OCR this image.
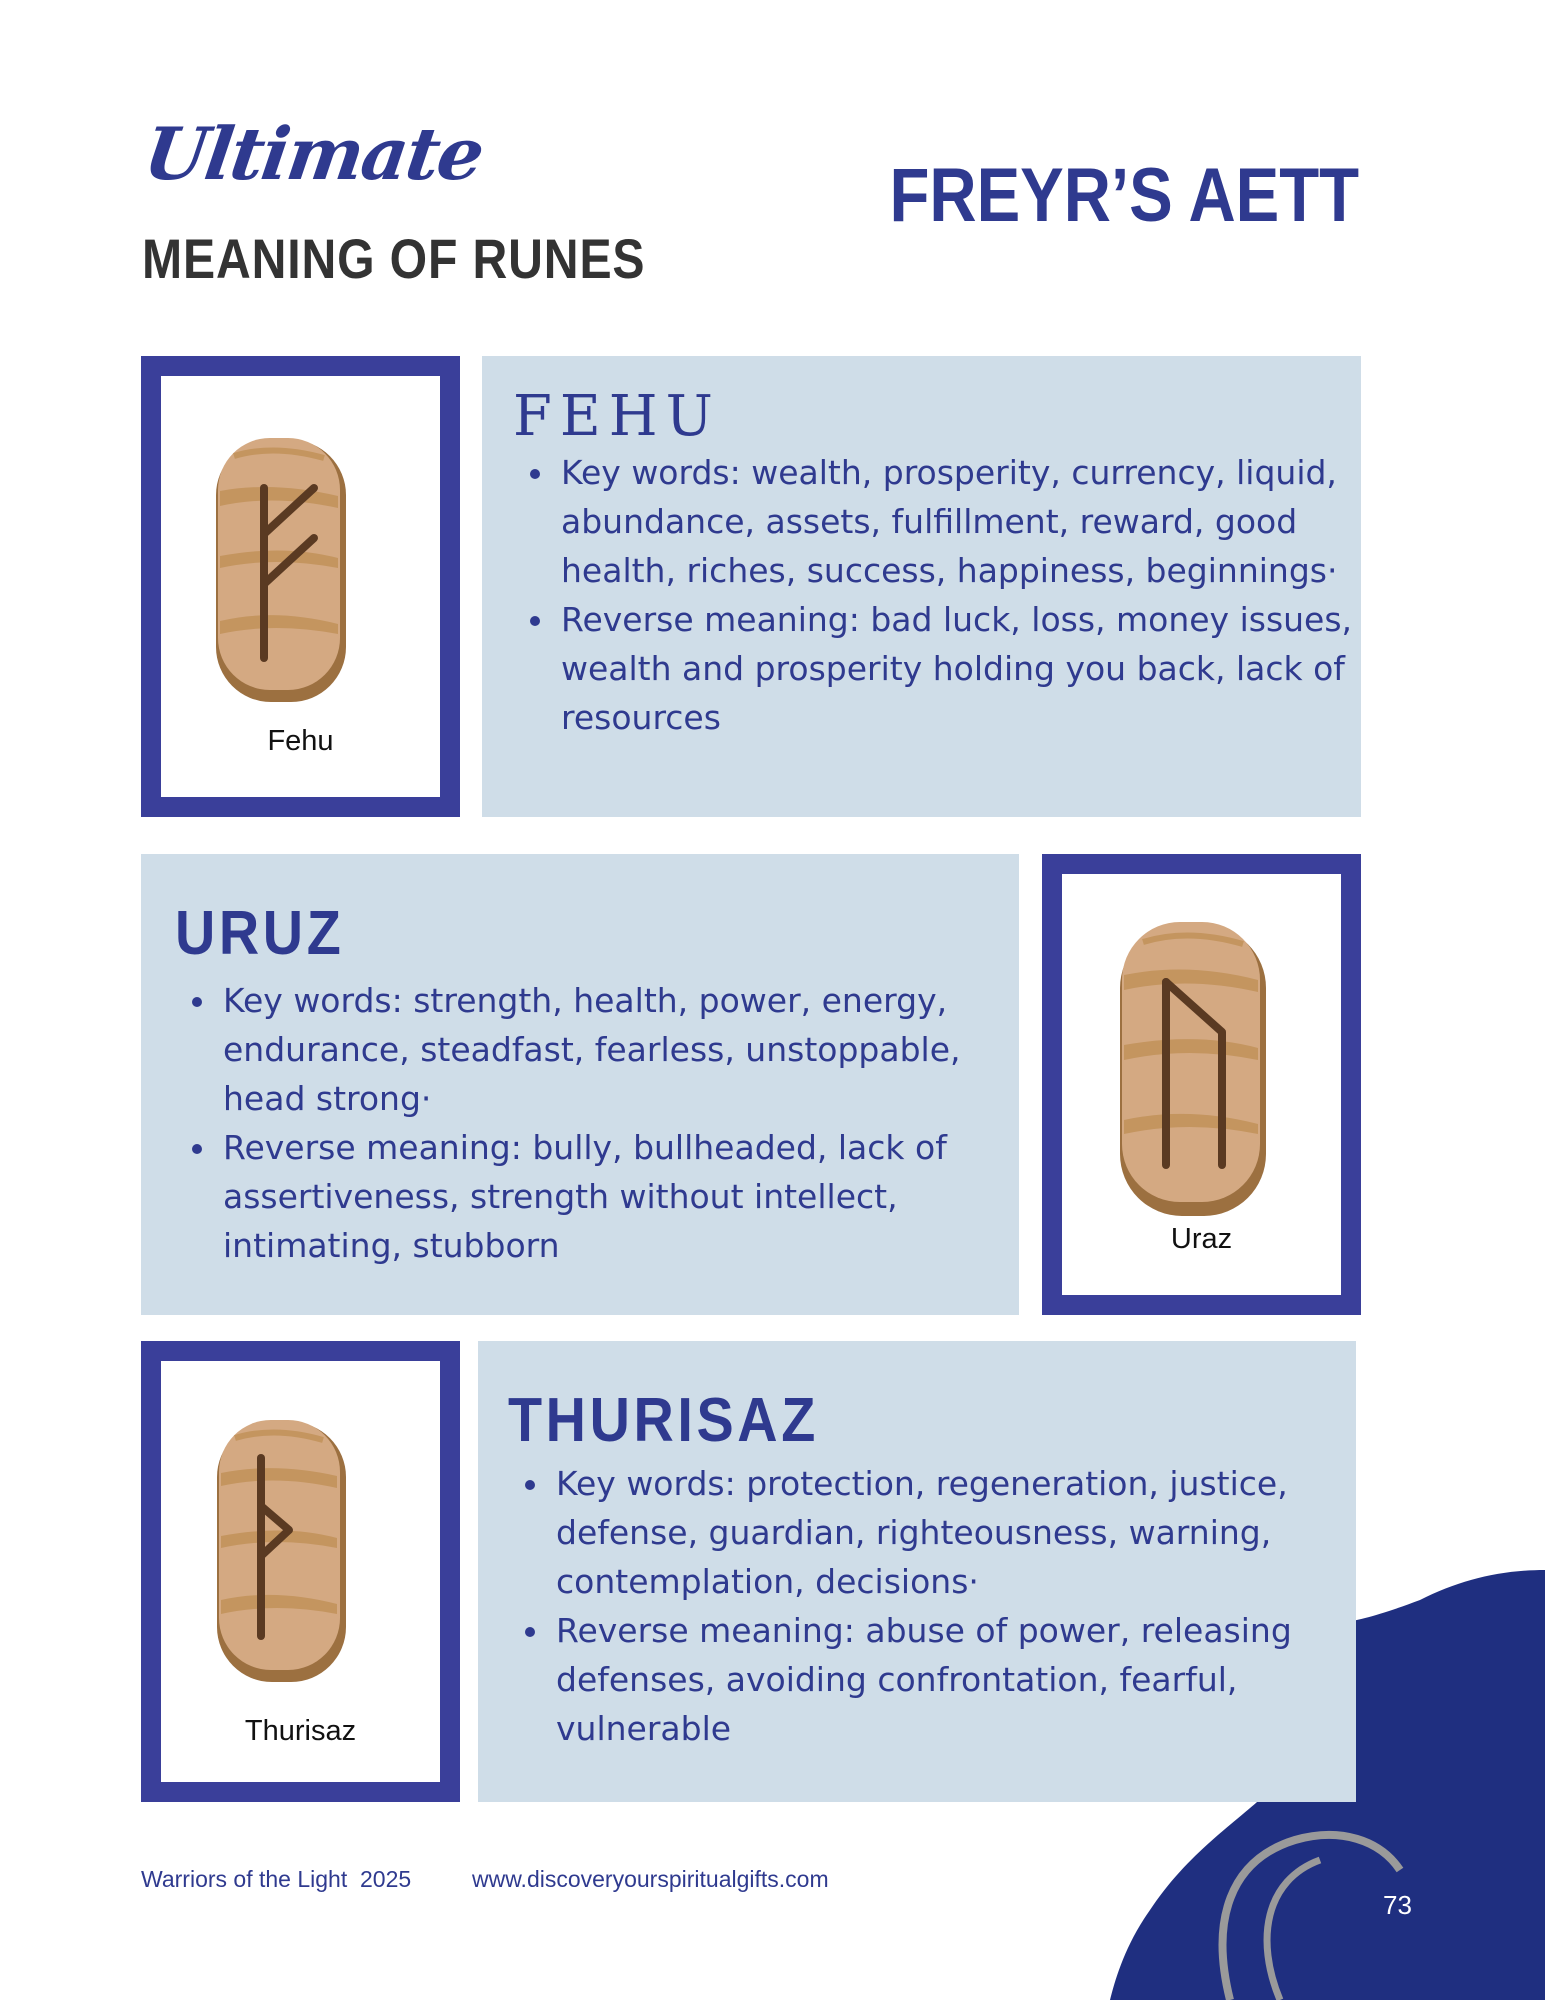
Ultimate
MEANING OF RUNES
FREYR’S AETT
Fehu
FEHU
• Key words: wealth, prosperity, currency, liquid, abundance, assets, fulfillment, reward, good health, riches, success, happiness, beginnings·
• Reverse meaning: bad luck, loss, money issues, wealth and prosperity holding you back, lack of resources
URUZ
• Key words: strength, health, power, energy, endurance, steadfast, fearless, unstoppable, head strong·
• Reverse meaning: bully, bullheaded, lack of assertiveness, strength without intellect, intimating, stubborn	Uraz
Thurisaz
THURISAZ
• Key words: protection, regeneration, justice, defense, guardian, righteousness, warning, contemplation, decisions·
• Reverse meaning: abuse of power, releasing defenses, avoiding confrontation, fearful, vulnerable
Warriors of the Light  2025	www.discoveryourspiritualgifts.com
73
